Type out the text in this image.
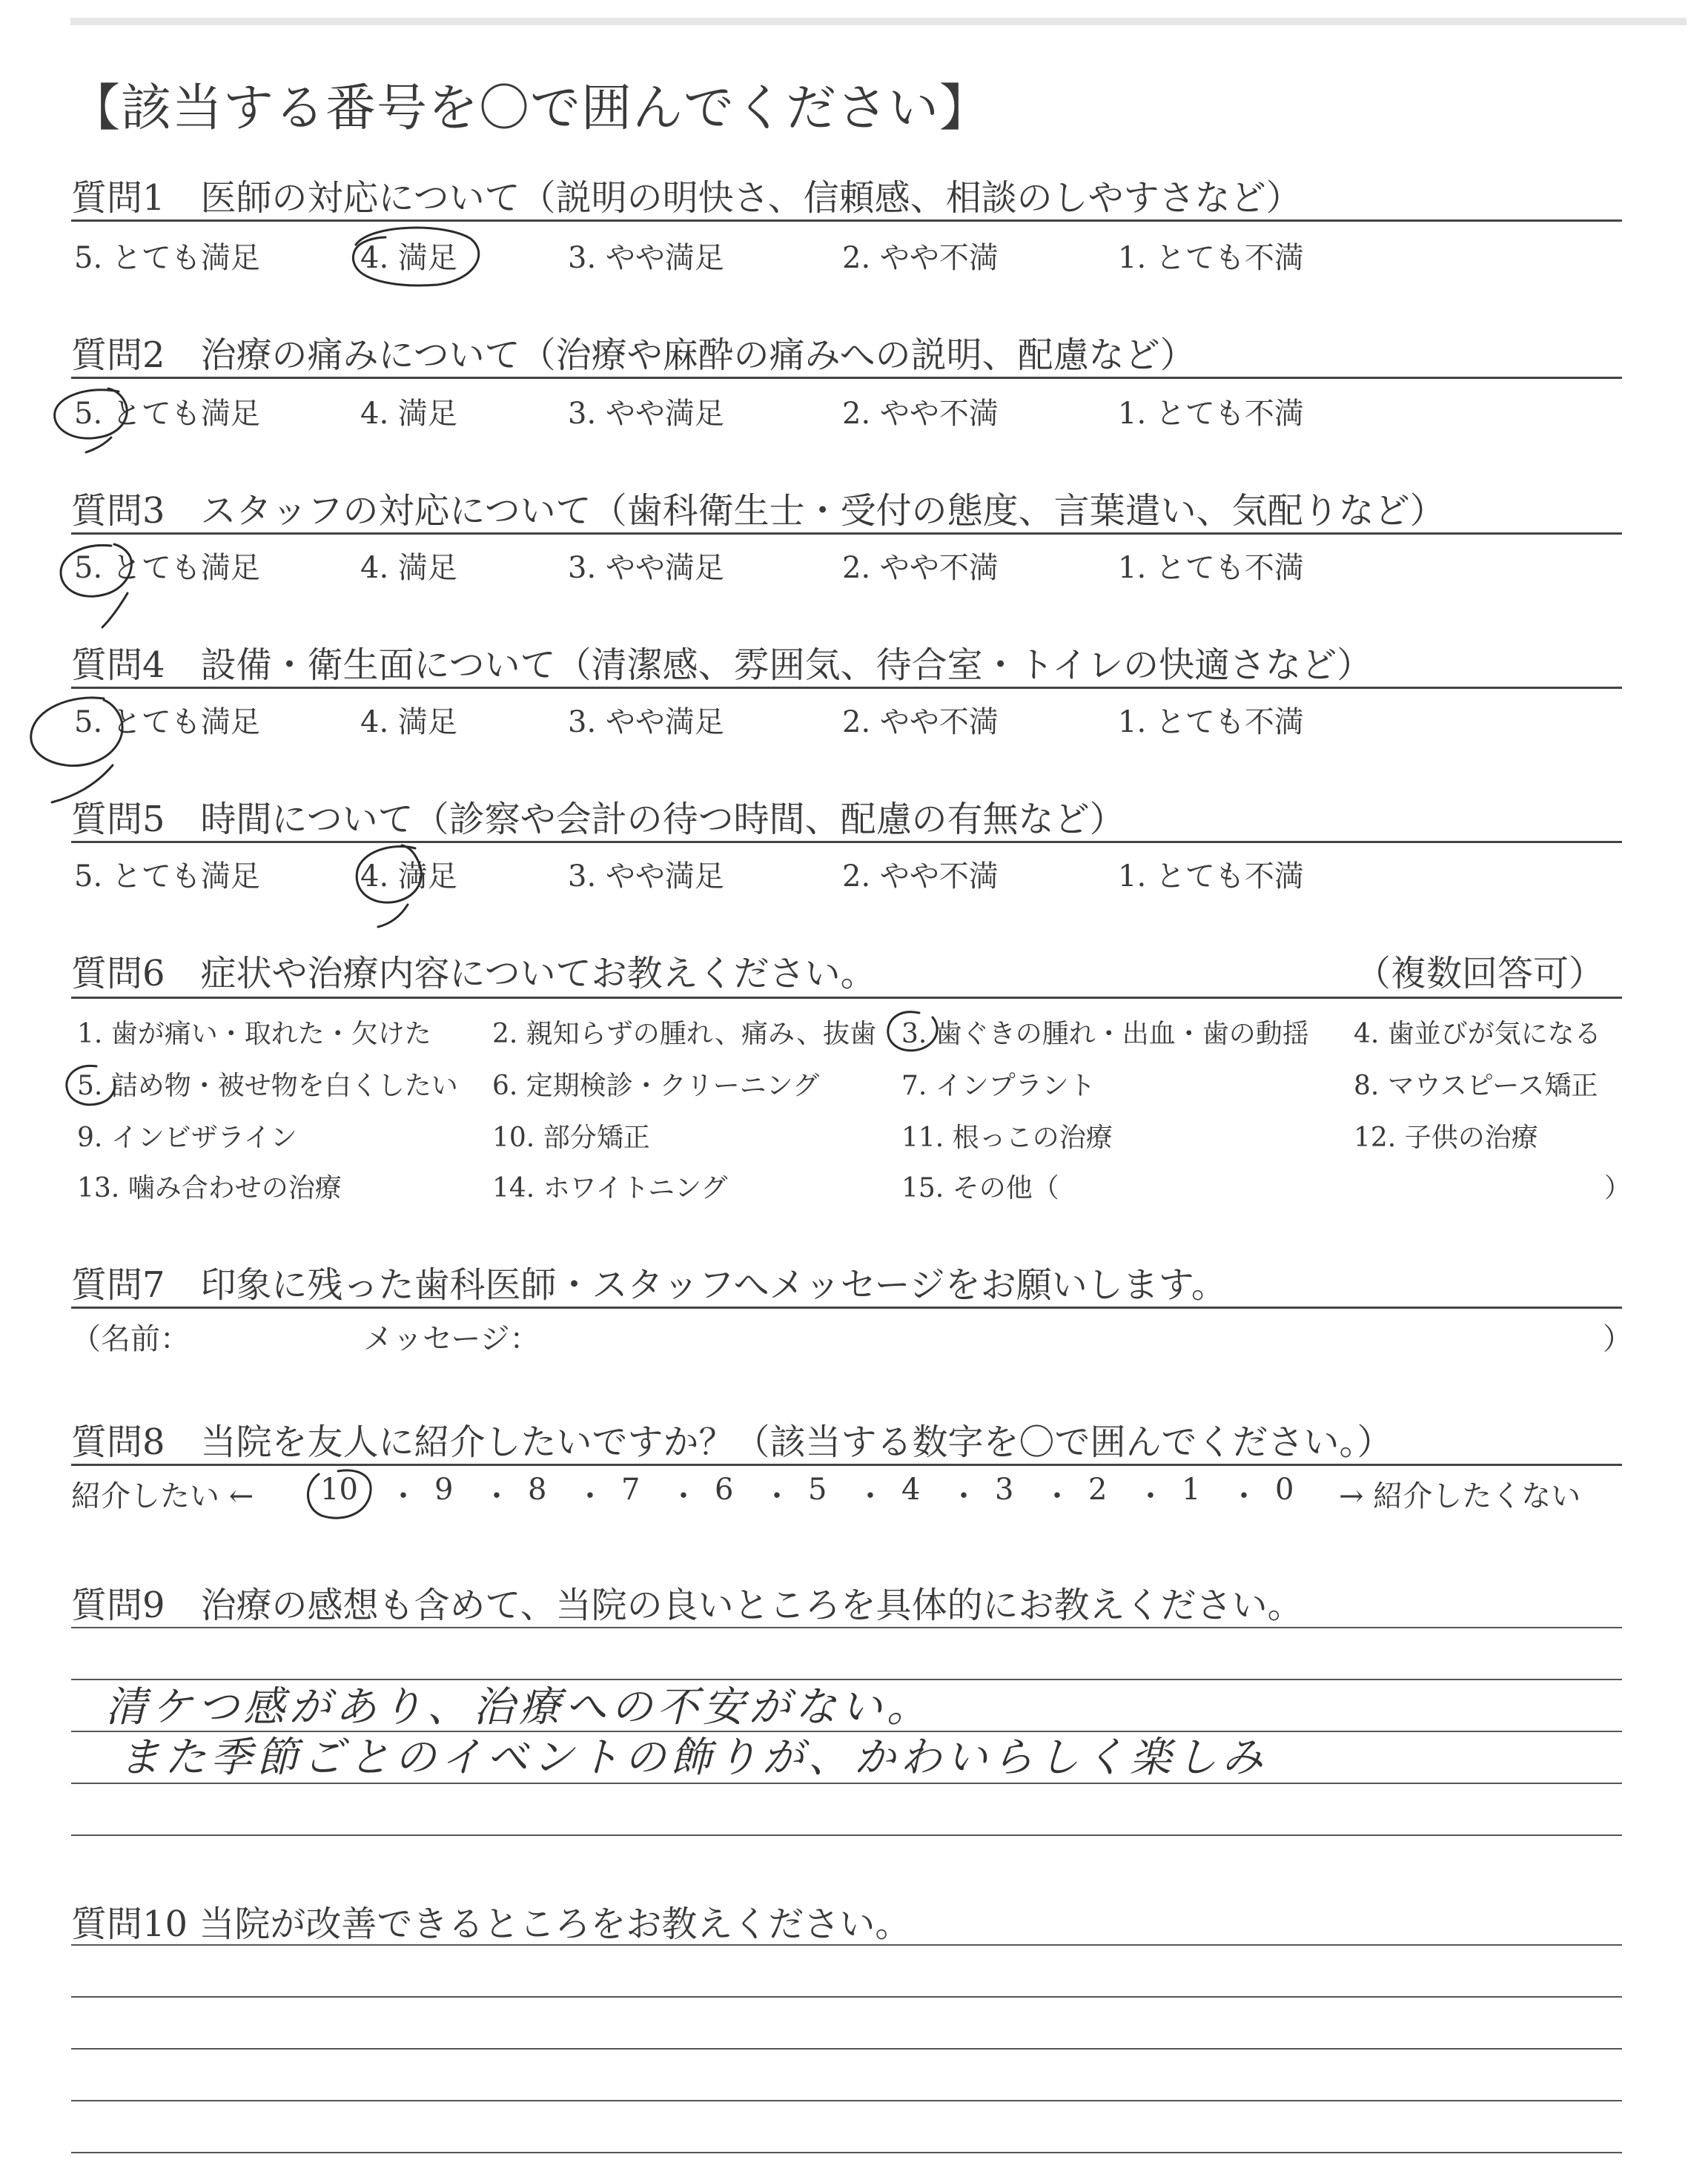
【該当する番号を〇で囲んでください】
質問1　医師の対応について（説明の明快さ、信頼感、相談のしやすさなど）
5. とても満足	4. 満足	3. やや満足	2. やや不満	1. とても不満
質問2　治療の痛みについて（治療や麻酔の痛みへの説明、配慮など）
5. とても満足	4. 満足	3. やや満足	2. やや不満	1. とても不満
質問3　スタッフの対応について（歯科衛生士・受付の態度、言葉遣い、気配りなど）
5. とても満足	4. 満足	3. やや満足	2. やや不満	1. とても不満
質問4　設備・衛生面について（清潔感、雰囲気、待合室・トイレの快適さなど）
5. とても満足	4. 満足	3. やや満足	2. やや不満	1. とても不満
質問5　時間について（診察や会計の待つ時間、配慮の有無など）
5. とても満足	4. 満足	3. やや満足	2. やや不満	1. とても不満
質問6　症状や治療内容についてお教えください。	（複数回答可）
1. 歯が痛い・取れた・欠けた 2. 親知らずの腫れ、痛み、抜歯 3. 歯ぐきの腫れ・出血・歯の動揺 4. 歯並びが気になる
5. 詰め物・被せ物を白くしたい 6. 定期検診・クリーニング	7. インプラント	8. マウスピース矯正
9. インビザライン	10. 部分矯正	11. 根っこの治療	12. 子供の治療
13. 噛み合わせの治療	14. ホワイトニング	15. その他（	）
質問7　印象に残った歯科医師・スタッフへメッセージをお願いします。
（名前：	メッセージ：	）
質問8　当院を友人に紹介したいですか？（該当する数字を〇で囲んでください。）
紹介したい ← 10 ・ 9 ・ 8 ・ 7 ・ 6 ・ 5 ・ 4 ・ 3 ・ 2 ・ 1 ・ 0 → 紹介したくない
質問9　治療の感想も含めて、当院の良いところを具体的にお教えください。
清ケつ感があり、治療への不安がない。
また季節ごとのイベントの飾りが、かわいらしく楽しみ
質問10 当院が改善できるところをお教えください。
